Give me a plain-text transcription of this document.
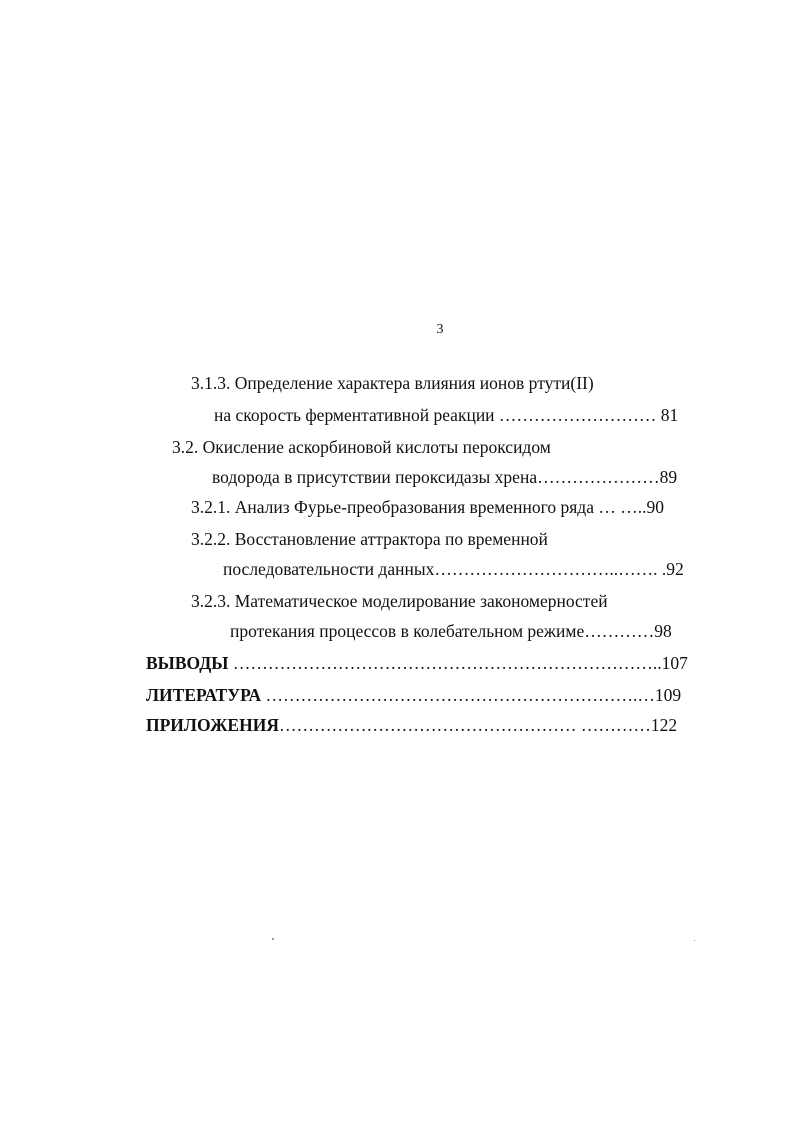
3
3.1.3. Определение характера влияния ионов ртути(II)
на скорость ферментативной реакции ……………………… 81
3.2. Окисление аскорбиновой кислоты пероксидом
водорода в присутствии пероксидазы хрена…………………89
3.2.1. Анализ Фурье-преобразования временного ряда … …..90
3.2.2. Восстановление аттрактора по временной
последовательности данных…………………………..……. .92
3.2.3. Математическое моделирование закономерностей
протекания процессов в колебательном режиме…………98
ВЫВОДЫ ………………………………………………………………..107
ЛИТЕРАТУРА ……………………………………………………….…109
ПРИЛОЖЕНИЯ…………………………………………… …………122
